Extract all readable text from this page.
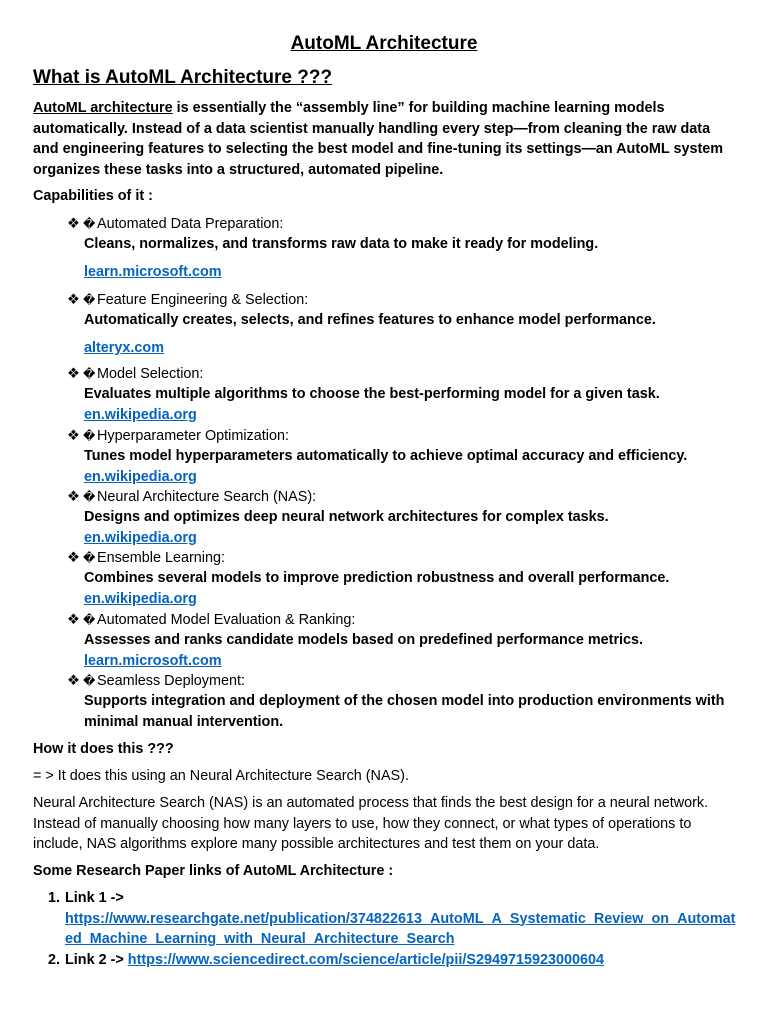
AutoML Architecture
What is AutoML Architecture ???
AutoML architecture is essentially the “assembly line” for building machine learning models automatically. Instead of a data scientist manually handling every step—from cleaning the raw data and engineering features to selecting the best model and fine-tuning its settings—an AutoML system organizes these tasks into a structured, automated pipeline.
Capabilities of it :
❖ � Automated Data Preparation:
Cleans, normalizes, and transforms raw data to make it ready for modeling.
learn.microsoft.com
❖ � Feature Engineering & Selection:
Automatically creates, selects, and refines features to enhance model performance.
alteryx.com
❖ � Model Selection:
Evaluates multiple algorithms to choose the best-performing model for a given task.
en.wikipedia.org
❖ � Hyperparameter Optimization:
Tunes model hyperparameters automatically to achieve optimal accuracy and efficiency.
en.wikipedia.org
❖ � Neural Architecture Search (NAS):
Designs and optimizes deep neural network architectures for complex tasks.
en.wikipedia.org
❖ � Ensemble Learning:
Combines several models to improve prediction robustness and overall performance.
en.wikipedia.org
❖ � Automated Model Evaluation & Ranking:
Assesses and ranks candidate models based on predefined performance metrics.
learn.microsoft.com
❖ � Seamless Deployment:
Supports integration and deployment of the chosen model into production environments with minimal manual intervention.
How it does this ???
= > It does this using an Neural Architecture Search (NAS).
Neural Architecture Search (NAS) is an automated process that finds the best design for a neural network. Instead of manually choosing how many layers to use, how they connect, or what types of operations to include, NAS algorithms explore many possible architectures and test them on your data.
Some Research Paper links of AutoML Architecture :
1. Link 1 ->
https://www.researchgate.net/publication/374822613_AutoML_A_Systematic_Review_on_Automated_Machine_Learning_with_Neural_Architecture_Search
2. Link 2 -> https://www.sciencedirect.com/science/article/pii/S2949715923000604
